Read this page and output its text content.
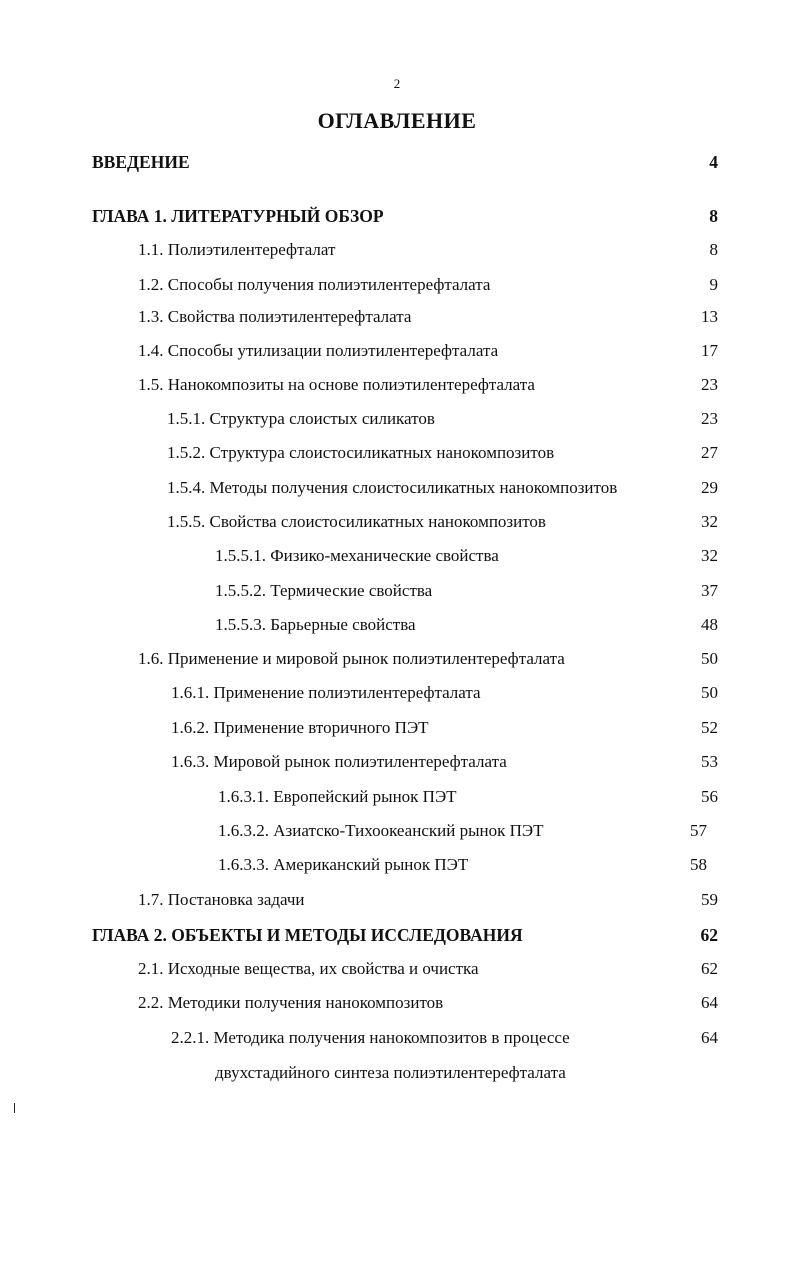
2
ОГЛАВЛЕНИЕ
ВВЕДЕНИЕ	4
ГЛАВА 1. ЛИТЕРАТУРНЫЙ ОБЗОР	8
1.1. Полиэтилентерефталат	8
1.2. Способы получения полиэтилентерефталата	9
1.3. Свойства полиэтилентерефталата	13
1.4. Способы утилизации полиэтилентерефталата	17
1.5. Нанокомпозиты на основе полиэтилентерефталата	23
1.5.1. Структура слоистых силикатов	23
1.5.2. Структура слоистосиликатных нанокомпозитов	27
1.5.4. Методы получения слоистосиликатных нанокомпозитов	29
1.5.5. Свойства слоистосиликатных нанокомпозитов	32
1.5.5.1. Физико-механические свойства	32
1.5.5.2. Термические свойства	37
1.5.5.3. Барьерные свойства	48
1.6. Применение и мировой рынок полиэтилентерефталата	50
1.6.1. Применение полиэтилентерефталата	50
1.6.2. Применение вторичного ПЭТ	52
1.6.3. Мировой рынок полиэтилентерефталата	53
1.6.3.1. Европейский рынок ПЭТ	56
1.6.3.2. Азиатско-Тихоокеанский рынок ПЭТ	57
1.6.3.3. Американский рынок ПЭТ	58
1.7. Постановка задачи	59
ГЛАВА 2. ОБЪЕКТЫ И МЕТОДЫ ИССЛЕДОВАНИЯ	62
2.1. Исходные вещества, их свойства и очистка	62
2.2. Методики получения нанокомпозитов	64
2.2.1. Методика получения нанокомпозитов в процессе	64
двухстадийного синтеза полиэтилентерефталата
